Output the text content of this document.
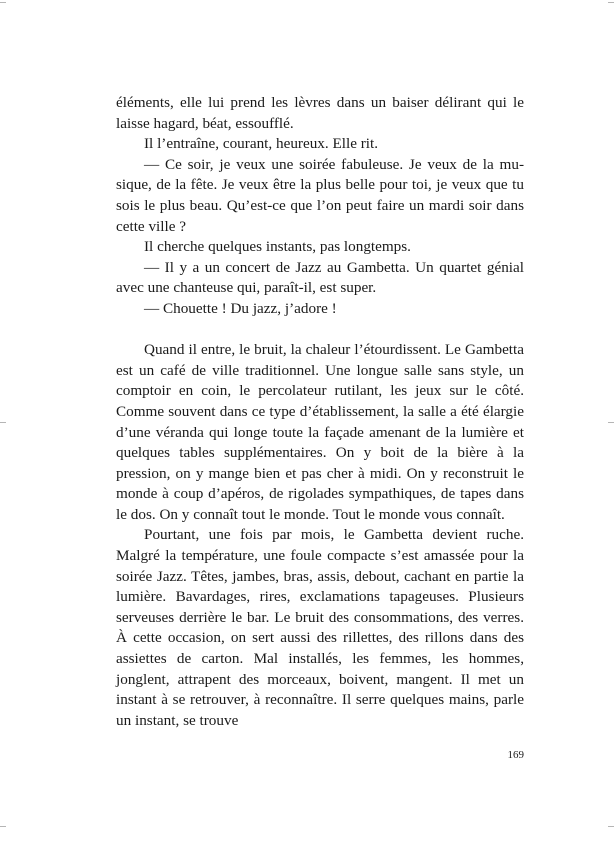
éléments, elle lui prend les lèvres dans un baiser délirant qui le laisse hagard, béat, essoufflé.

Il l’entraîne, courant, heureux. Elle rit.

— Ce soir, je veux une soirée fabuleuse. Je veux de la musique, de la fête. Je veux être la plus belle pour toi, je veux que tu sois le plus beau. Qu’est-ce que l’on peut faire un mardi soir dans cette ville ?

Il cherche quelques instants, pas longtemps.

— Il y a un concert de Jazz au Gambetta. Un quartet génial avec une chanteuse qui, paraît-il, est super.

— Chouette ! Du jazz, j’adore !

Quand il entre, le bruit, la chaleur l’étourdissent. Le Gambetta est un café de ville traditionnel. Une longue salle sans style, un comptoir en coin, le percolateur rutilant, les jeux sur le côté. Comme souvent dans ce type d’établissement, la salle a été élargie d’une véranda qui longe toute la façade amenant de la lumière et quelques tables supplémentaires. On y boit de la bière à la pression, on y mange bien et pas cher à midi. On y reconstruit le monde à coup d’apéros, de rigolades sympathiques, de tapes dans le dos. On y connaît tout le monde. Tout le monde vous connaît.

Pourtant, une fois par mois, le Gambetta devient ruche. Malgré la température, une foule compacte s’est amassée pour la soirée Jazz. Têtes, jambes, bras, assis, debout, cachant en partie la lumière. Bavardages, rires, exclamations tapageuses. Plusieurs serveuses derrière le bar. Le bruit des consommations, des verres. À cette occasion, on sert aussi des rillettes, des rillons dans des assiettes de carton. Mal installés, les femmes, les hommes, jonglent, attrapent des morceaux, boivent, mangent. Il met un instant à se retrouver, à reconnaître. Il serre quelques mains, parle un instant, se trouve

169
